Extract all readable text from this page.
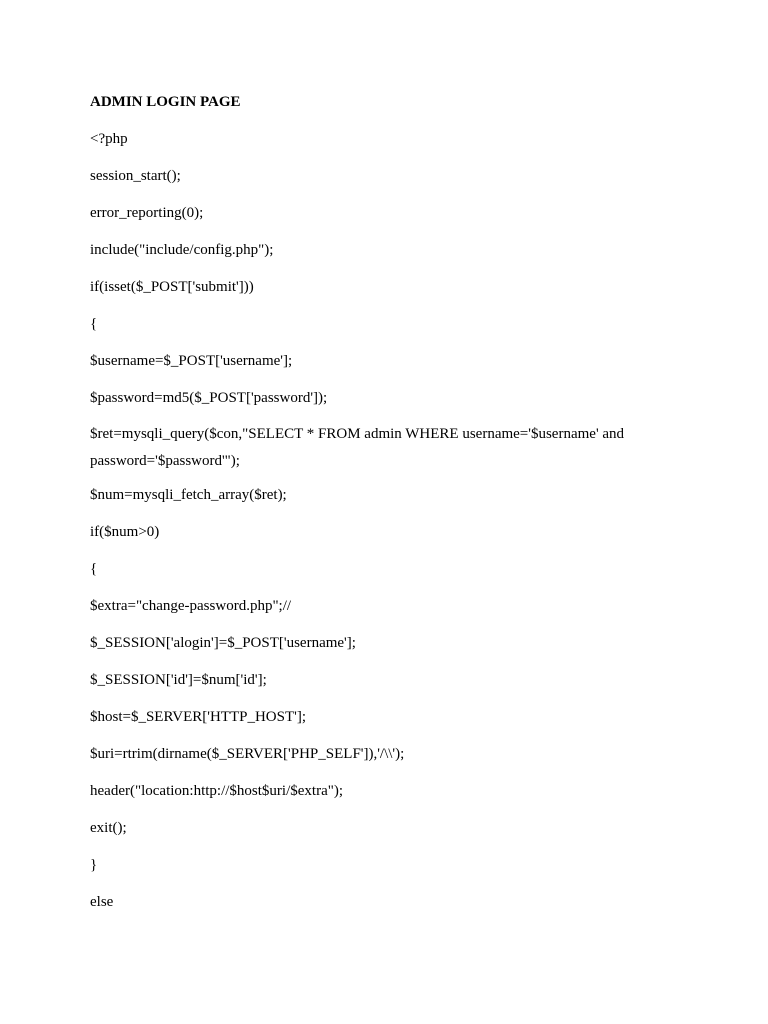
ADMIN LOGIN PAGE

<?php

session_start();

error_reporting(0);

include("include/config.php");

if(isset($_POST['submit']))

{

$username=$_POST['username'];

$password=md5($_POST['password']);

$ret=mysqli_query($con,"SELECT * FROM admin WHERE username='$username' and password='$password'");

$num=mysqli_fetch_array($ret);

if($num>0)

{

$extra="change-password.php";//

$_SESSION['alogin']=$_POST['username'];

$_SESSION['id']=$num['id'];

$host=$_SERVER['HTTP_HOST'];

$uri=rtrim(dirname($_SERVER['PHP_SELF']),'/\\');

header("location:http://$host$uri/$extra");

exit();

}

else
